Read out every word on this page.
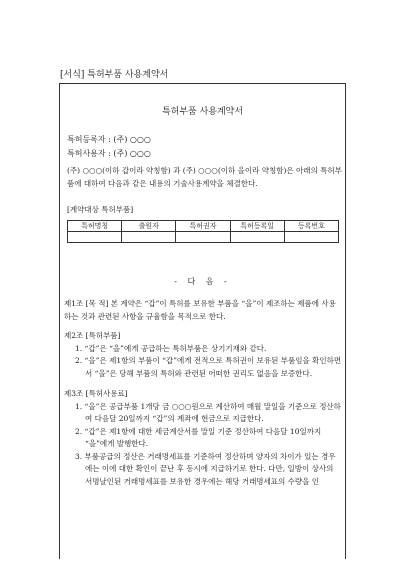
[서식] 특허부품 사용계약서
특허부품 사용계약서
특허등록자 : (주) ○○○
특허사용자 : (주) ○○○
(주) ○○○(이하 갑이라 약칭함) 과 (주) ○○○(이하 을이라 약칭함)은 아래의 특허부품에 대하여 다음과 같은 내용의 기술사용계약을 체결한다.
[계약대상 특허부품]
특허명칭	출원자	특허권자	특허등록일	등록번호

- 다 음 -
제1조 [목 적] 본 계약은 “갑”이 특허를 보유한 부품을 “을”이 제조하는 제품에 사용하는 것과 관련된 사항을 규율함을 목적으로 한다.
제2조 [특허부품]
1. “갑”은 “을”에게 공급하는 특허부품은 상기기재와 같다.
2. “을”은 제1항의 부품이 “갑”에게 전적으로 특허권이 보유된 부품임을 확인하면서 “을”은 당해 부품의 특허와 관련된 어떠한 권리도 없음을 보증한다.
제3조 [특허사용료]
1. “을”은 공급부품 1개당 금 ○○○원으로 계산하여 매월 말일을 기준으로 정산하여 다음달 20일까지 “갑”의 계좌에 현금으로 지급한다.
2. “갑”은 제1항에 대한 세금계산서를 말일 기준 정산하여 다음달 10일까지 “을”에게 발행한다.
3. 부품공급의 정산은 거래명세표를 기준하여 정산하며 양자의 차이가 있는 경우에는 이에 대한 확인이 끝난 후 동시에 지급하기로 한다. 다만, 일방이 상사의 서명날인된 거래명세표를 보유한 경우에는 해당 거래명세표의 수량을 인
